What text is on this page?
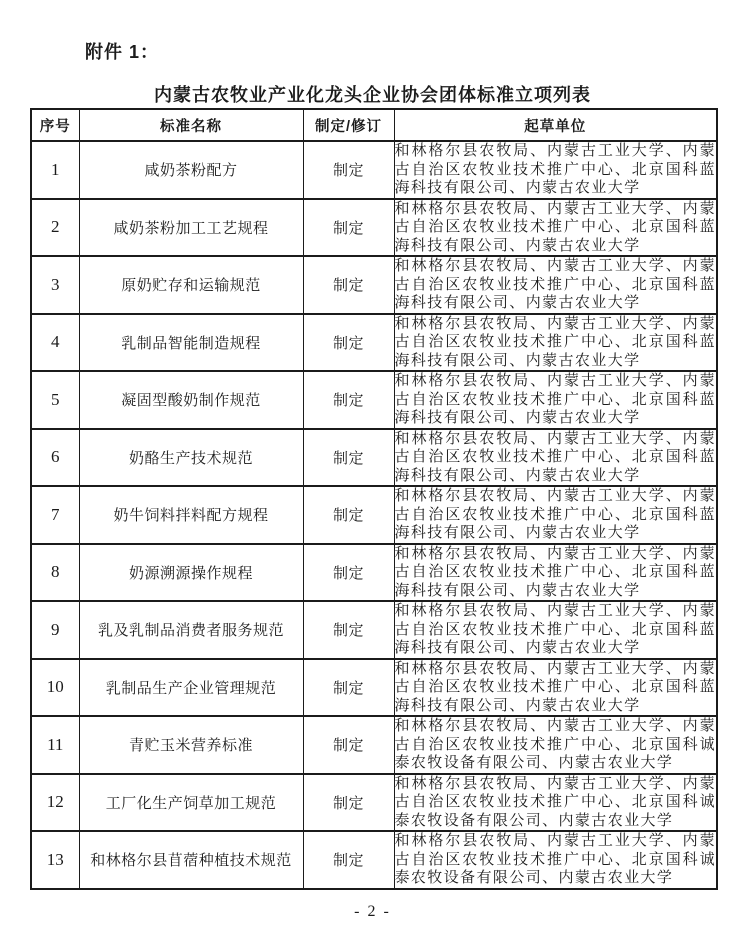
附件 1：
内蒙古农牧业产业化龙头企业协会团体标准立项列表
序号	标准名称	制定/修订	起草单位
1	咸奶茶粉配方	制定	和林格尔县农牧局、内蒙古工业大学、内蒙古自治区农牧业技术推广中心、北京国科蓝海科技有限公司、内蒙古农业大学
2	咸奶茶粉加工工艺规程	制定	和林格尔县农牧局、内蒙古工业大学、内蒙古自治区农牧业技术推广中心、北京国科蓝海科技有限公司、内蒙古农业大学
3	原奶贮存和运输规范	制定	和林格尔县农牧局、内蒙古工业大学、内蒙古自治区农牧业技术推广中心、北京国科蓝海科技有限公司、内蒙古农业大学
4	乳制品智能制造规程	制定	和林格尔县农牧局、内蒙古工业大学、内蒙古自治区农牧业技术推广中心、北京国科蓝海科技有限公司、内蒙古农业大学
5	凝固型酸奶制作规范	制定	和林格尔县农牧局、内蒙古工业大学、内蒙古自治区农牧业技术推广中心、北京国科蓝海科技有限公司、内蒙古农业大学
6	奶酪生产技术规范	制定	和林格尔县农牧局、内蒙古工业大学、内蒙古自治区农牧业技术推广中心、北京国科蓝海科技有限公司、内蒙古农业大学
7	奶牛饲料拌料配方规程	制定	和林格尔县农牧局、内蒙古工业大学、内蒙古自治区农牧业技术推广中心、北京国科蓝海科技有限公司、内蒙古农业大学
8	奶源溯源操作规程	制定	和林格尔县农牧局、内蒙古工业大学、内蒙古自治区农牧业技术推广中心、北京国科蓝海科技有限公司、内蒙古农业大学
9	乳及乳制品消费者服务规范	制定	和林格尔县农牧局、内蒙古工业大学、内蒙古自治区农牧业技术推广中心、北京国科蓝海科技有限公司、内蒙古农业大学
10	乳制品生产企业管理规范	制定	和林格尔县农牧局、内蒙古工业大学、内蒙古自治区农牧业技术推广中心、北京国科蓝海科技有限公司、内蒙古农业大学
11	青贮玉米营养标准	制定	和林格尔县农牧局、内蒙古工业大学、内蒙古自治区农牧业技术推广中心、北京国科诚泰农牧设备有限公司、内蒙古农业大学
12	工厂化生产饲草加工规范	制定	和林格尔县农牧局、内蒙古工业大学、内蒙古自治区农牧业技术推广中心、北京国科诚泰农牧设备有限公司、内蒙古农业大学
13	和林格尔县苜蓿种植技术规范	制定	和林格尔县农牧局、内蒙古工业大学、内蒙古自治区农牧业技术推广中心、北京国科诚泰农牧设备有限公司、内蒙古农业大学
- 2 -
